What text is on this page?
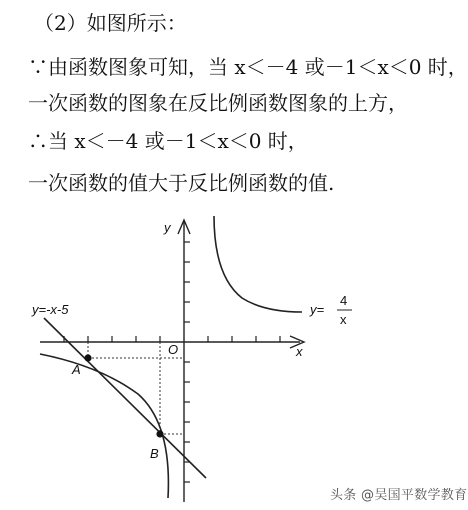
（2）如图所示：
∵由函数图象可知，当 x＜－4 或－1＜x＜0 时，
一次函数的图象在反比例函数图象的上方，
∴当 x＜－4 或－1＜x＜0 时，
一次函数的值大于反比例函数的值.
y
x
O
y=-x-5
A
B
y=
4
x
头条 @吴国平数学教育
